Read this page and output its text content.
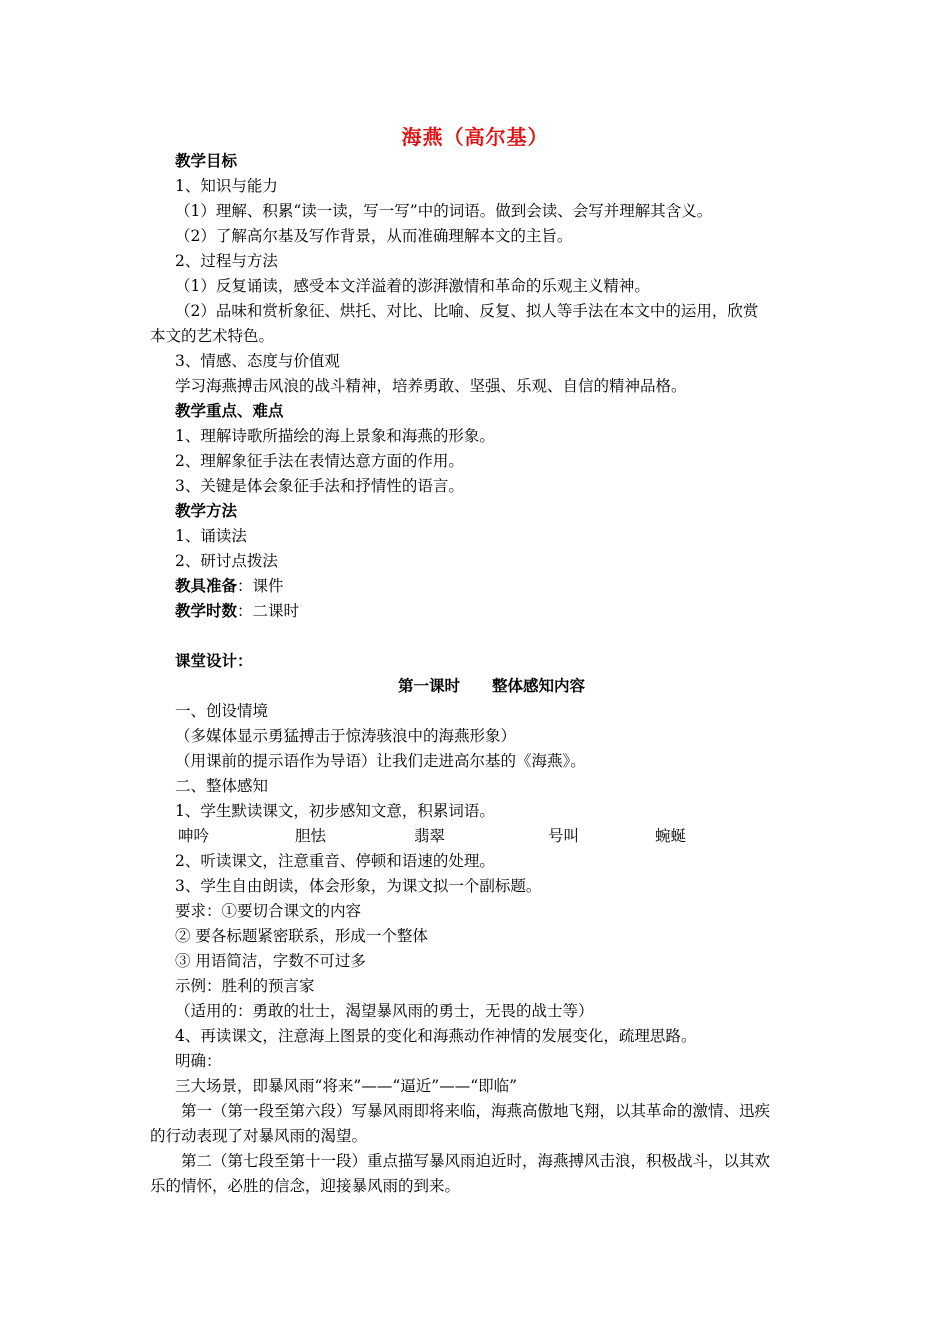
海燕（高尔基）
教学目标
1、知识与能力
（1）理解、积累“读一读，写一写”中的词语。做到会读、会写并理解其含义。
（2）了解高尔基及写作背景，从而准确理解本文的主旨。
2、过程与方法
（1）反复诵读，感受本文洋溢着的澎湃激情和革命的乐观主义精神。
（2）品味和赏析象征、烘托、对比、比喻、反复、拟人等手法在本文中的运用，欣赏
本文的艺术特色。
3、情感、态度与价值观
学习海燕搏击风浪的战斗精神，培养勇敢、坚强、乐观、自信的精神品格。
教学重点、难点
1、理解诗歌所描绘的海上景象和海燕的形象。
2、理解象征手法在表情达意方面的作用。
3、关键是体会象征手法和抒情性的语言。
教学方法
1、诵读法
2、研讨点拨法
教具准备：课件
教学时数：二课时
课堂设计：
第一课时 整体感知内容
一、创设情境
（多媒体显示勇猛搏击于惊涛骇浪中的海燕形象）
（用课前的提示语作为导语）让我们走进高尔基的《海燕》。
二、整体感知
1、学生默读课文，初步感知文意，积累词语。
呻吟	胆怯	翡翠	号叫	蜿蜒
2、听读课文，注意重音、停顿和语速的处理。
3、学生自由朗读，体会形象，为课文拟一个副标题。
要求：①要切合课文的内容
② 要各标题紧密联系，形成一个整体
③ 用语简洁，字数不可过多
示例：胜利的预言家
（适用的：勇敢的壮士，渴望暴风雨的勇士，无畏的战士等）
4、再读课文，注意海上图景的变化和海燕动作神情的发展变化，疏理思路。
明确：
三大场景，即暴风雨“将来”——“逼近”——“即临”
　　第一（第一段至第六段）写暴风雨即将来临，海燕高傲地飞翔，以其革命的激情、迅疾
的行动表现了对暴风雨的渴望。
　　第二（第七段至第十一段）重点描写暴风雨迫近时，海燕搏风击浪，积极战斗，以其欢
乐的情怀，必胜的信念，迎接暴风雨的到来。
